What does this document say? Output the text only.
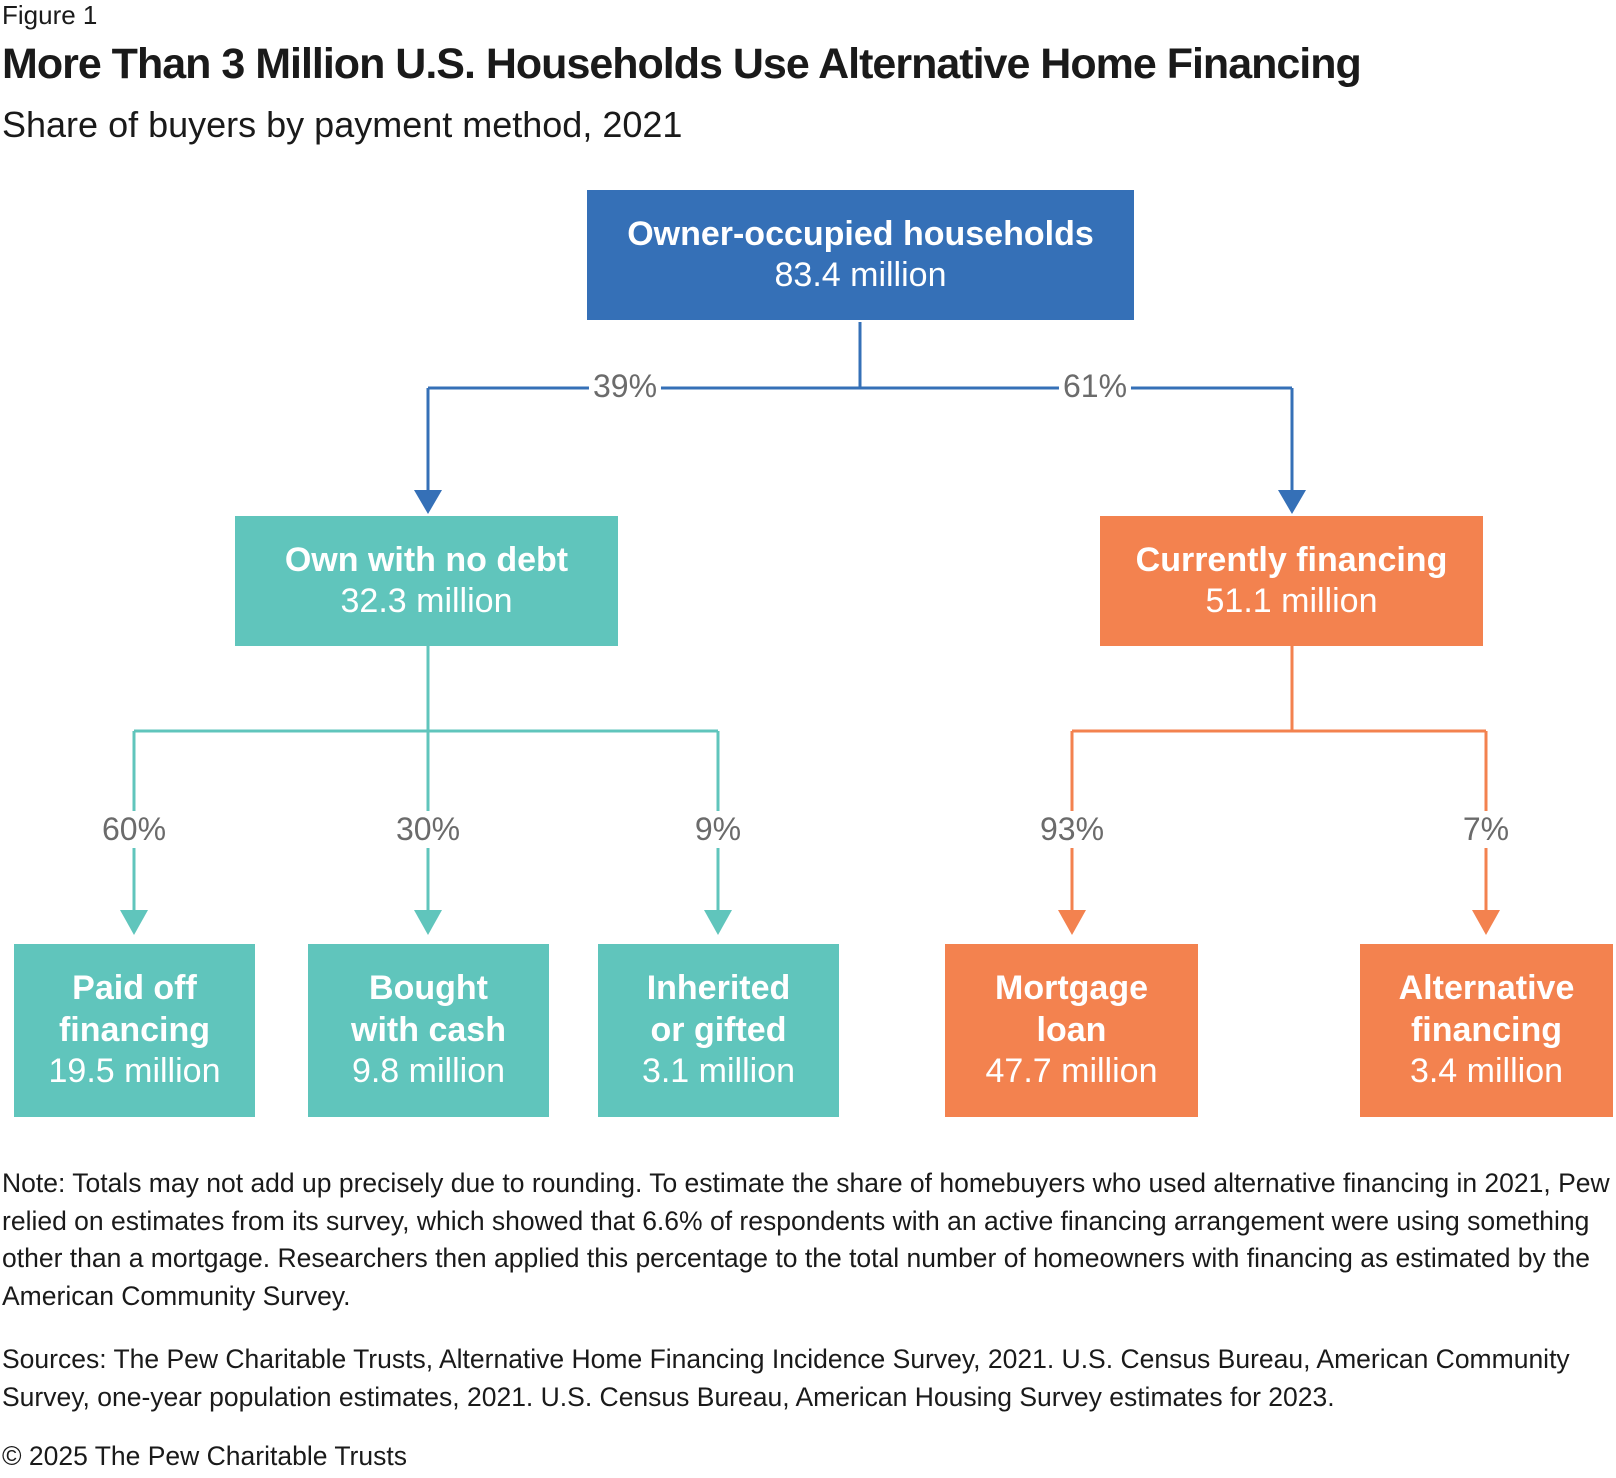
Figure 1
More Than 3 Million U.S. Households Use Alternative Home Financing
Share of buyers by payment method, 2021
39%	61%
60%	30%	9%	93%	7%
Owner-occupied households
83.4 million
Own with no debt
32.3 million
Currently financing
51.1 million
Paid off
financing
19.5 million
Bought
with cash
9.8 million
Inherited
or gifted
3.1 million
Mortgage
loan
47.7 million
Alternative
financing
3.4 million
Note: Totals may not add up precisely due to rounding. To estimate the share of homebuyers who used alternative financing in 2021, Pew relied on estimates from its survey, which showed that 6.6% of respondents with an active financing arrangement were using something other than a mortgage. Researchers then applied this percentage to the total number of homeowners with financing as estimated by the American Community Survey.
Sources: The Pew Charitable Trusts, Alternative Home Financing Incidence Survey, 2021. U.S. Census Bureau, American Community Survey, one-year population estimates, 2021. U.S. Census Bureau, American Housing Survey estimates for 2023.
© 2025 The Pew Charitable Trusts
